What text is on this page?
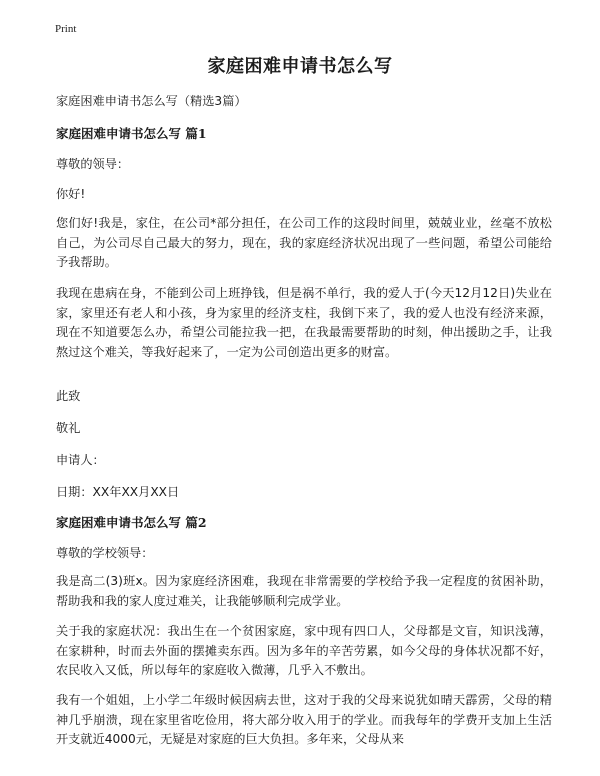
Print
家庭困难申请书怎么写
家庭困难申请书怎么写（精选3篇）
家庭困难申请书怎么写 篇1
尊敬的领导：
你好!
您们好!我是，家住，在公司*部分担任，在公司工作的这段时间里，兢兢业业，丝毫不放松自己，为公司尽自己最大的努力，现在，我的家庭经济状况出现了一些问题，希望公司能给予我帮助。
我现在患病在身，不能到公司上班挣钱，但是祸不单行，我的爱人于(今天12月12日)失业在家，家里还有老人和小孩，身为家里的经济支柱，我倒下来了，我的爱人也没有经济来源，现在不知道要怎么办，希望公司能拉我一把，在我最需要帮助的时刻，伸出援助之手，让我熬过这个难关，等我好起来了，一定为公司创造出更多的财富。
此致
敬礼
申请人：
日期：XX年XX月XX日
家庭困难申请书怎么写 篇2
尊敬的学校领导：
我是高二(3)班x。因为家庭经济困难，我现在非常需要的学校给予我一定程度的贫困补助，帮助我和我的家人度过难关，让我能够顺利完成学业。
关于我的家庭状况：我出生在一个贫困家庭，家中现有四口人，父母都是文盲，知识浅薄，在家耕种，时而去外面的摆摊卖东西。因为多年的辛苦劳累，如今父母的身体状况都不好，农民收入又低，所以每年的家庭收入微薄，几乎入不敷出。
我有一个姐姐，上小学二年级时候因病去世，这对于我的父母来说犹如晴天霹雳，父母的精神几乎崩溃，现在家里省吃俭用，将大部分收入用于的学业。而我每年的学费开支加上生活开支就近4000元，无疑是对家庭的巨大负担。多年来，父母从来
